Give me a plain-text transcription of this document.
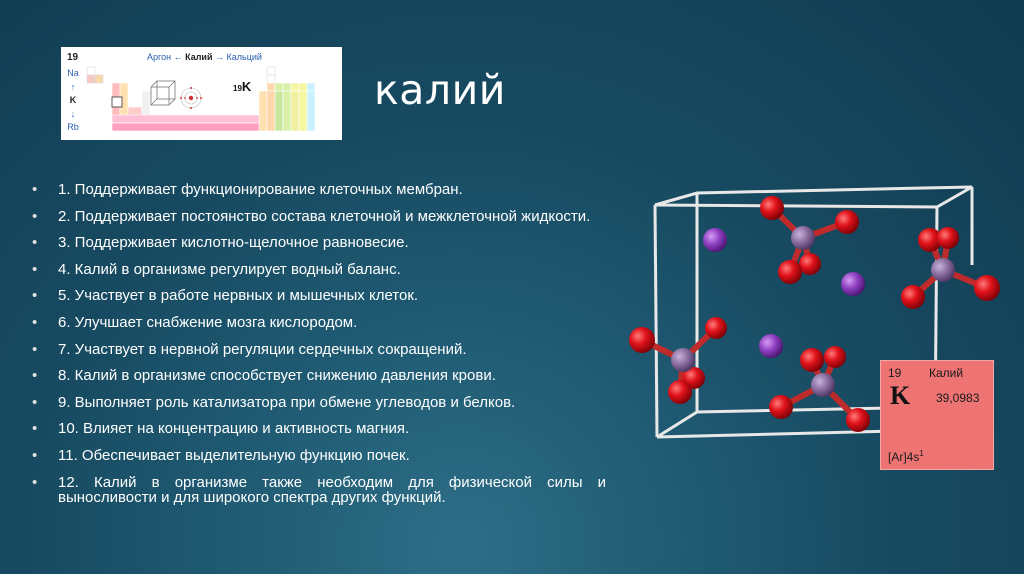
19	Аргон ← Калий → Кальций
Na
↑
K
↓
Rb
19K	калий
• 1. Поддерживает функционирование клеточных мембран.
• 2. Поддерживает постоянство состава клеточной и межклеточной жидкости.
• 3. Поддерживает кислотно-щелочное равновесие.
• 4. Калий в организме регулирует водный баланс.
• 5. Участвует в работе нервных и мышечных клеток.
• 6. Улучшает снабжение мозга кислородом.
• 7. Участвует в нервной регуляции сердечных сокращений.
• 8. Калий в организме способствует снижению давления крови.
• 9. Выполняет роль катализатора при обмене углеводов и белков.
• 10. Влияет на концентрацию и активность магния.
• 11. Обеспечивает выделительную функцию почек.
• 12. Калий в организме также необходим для физической силы и выносливости и для широкого спектра других функций.
19 Калий
K 39,0983
$[Ar]4s^1$
